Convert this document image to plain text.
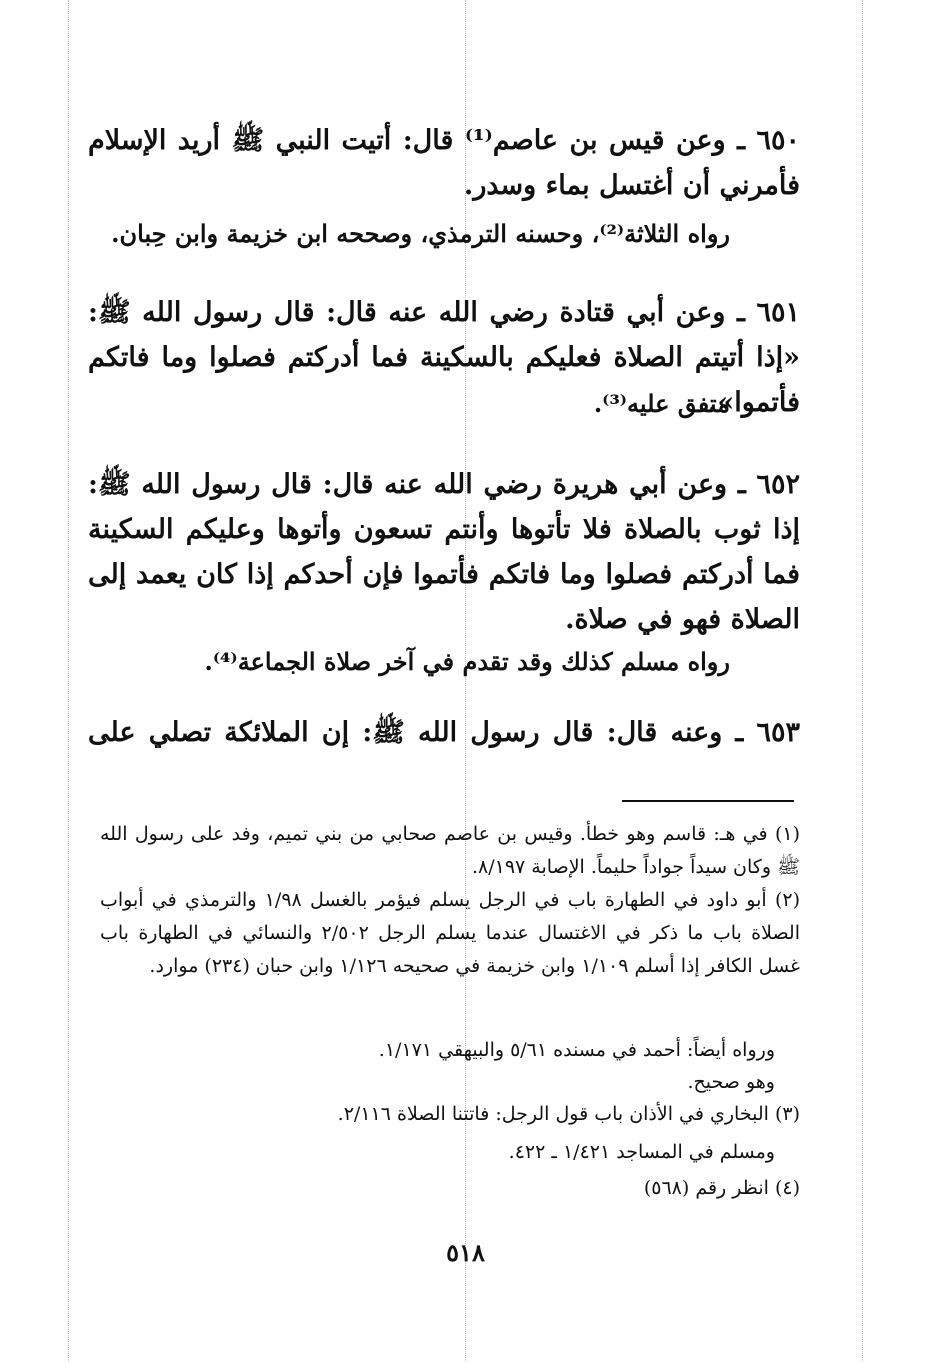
٦٥٠ ـ وعن قيس بن عاصم⁽¹⁾ قال: أتيت النبي ﷺ أريد الإسلام فأمرني أن أغتسل بماء وسدر.
رواه الثلاثة⁽²⁾، وحسنه الترمذي، وصححه ابن خزيمة وابن حِبان.
٦٥١ ـ وعن أبي قتادة رضي الله عنه قال: قال رسول الله ﷺ: «إذا أتيتم الصلاة فعليكم بالسكينة فما أدركتم فصلوا وما فاتكم فأتموا».
متفق عليه⁽³⁾.
٦٥٢ ـ وعن أبي هريرة رضي الله عنه قال: قال رسول الله ﷺ: إذا ثوب بالصلاة فلا تأتوها وأنتم تسعون وأتوها وعليكم السكينة فما أدركتم فصلوا وما فاتكم فأتموا فإن أحدكم إذا كان يعمد إلى الصلاة فهو في صلاة.
رواه مسلم كذلك وقد تقدم في آخر صلاة الجماعة⁽⁴⁾.
٦٥٣ ـ وعنه قال: قال رسول الله ﷺ: إن الملائكة تصلي على
(١) في هـ: قاسم وهو خطأ. وقيس بن عاصم صحابي من بني تميم، وفد على رسول الله ﷺ وكان سيداً جواداً حليماً. الإصابة ٨/١٩٧.
(٢) أبو داود في الطهارة باب في الرجل يسلم فيؤمر بالغسل ١/٩٨ والترمذي في أبواب الصلاة باب ما ذكر في الاغتسال عندما يسلم الرجل ٢/٥٠٢ والنسائي في الطهارة باب غسل الكافر إذا أسلم ١/١٠٩ وابن خزيمة في صحيحه ١/١٢٦ وابن حبان (٢٣٤) موارد.
ورواه أيضاً: أحمد في مسنده ٥/٦١ والبيهقي ١/١٧١.
وهو صحيح.
(٣) البخاري في الأذان باب قول الرجل: فاتتنا الصلاة ٢/١١٦.
ومسلم في المساجد ١/٤٢١ ـ ٤٢٢.
(٤) انظر رقم (٥٦٨)
٥١٨
